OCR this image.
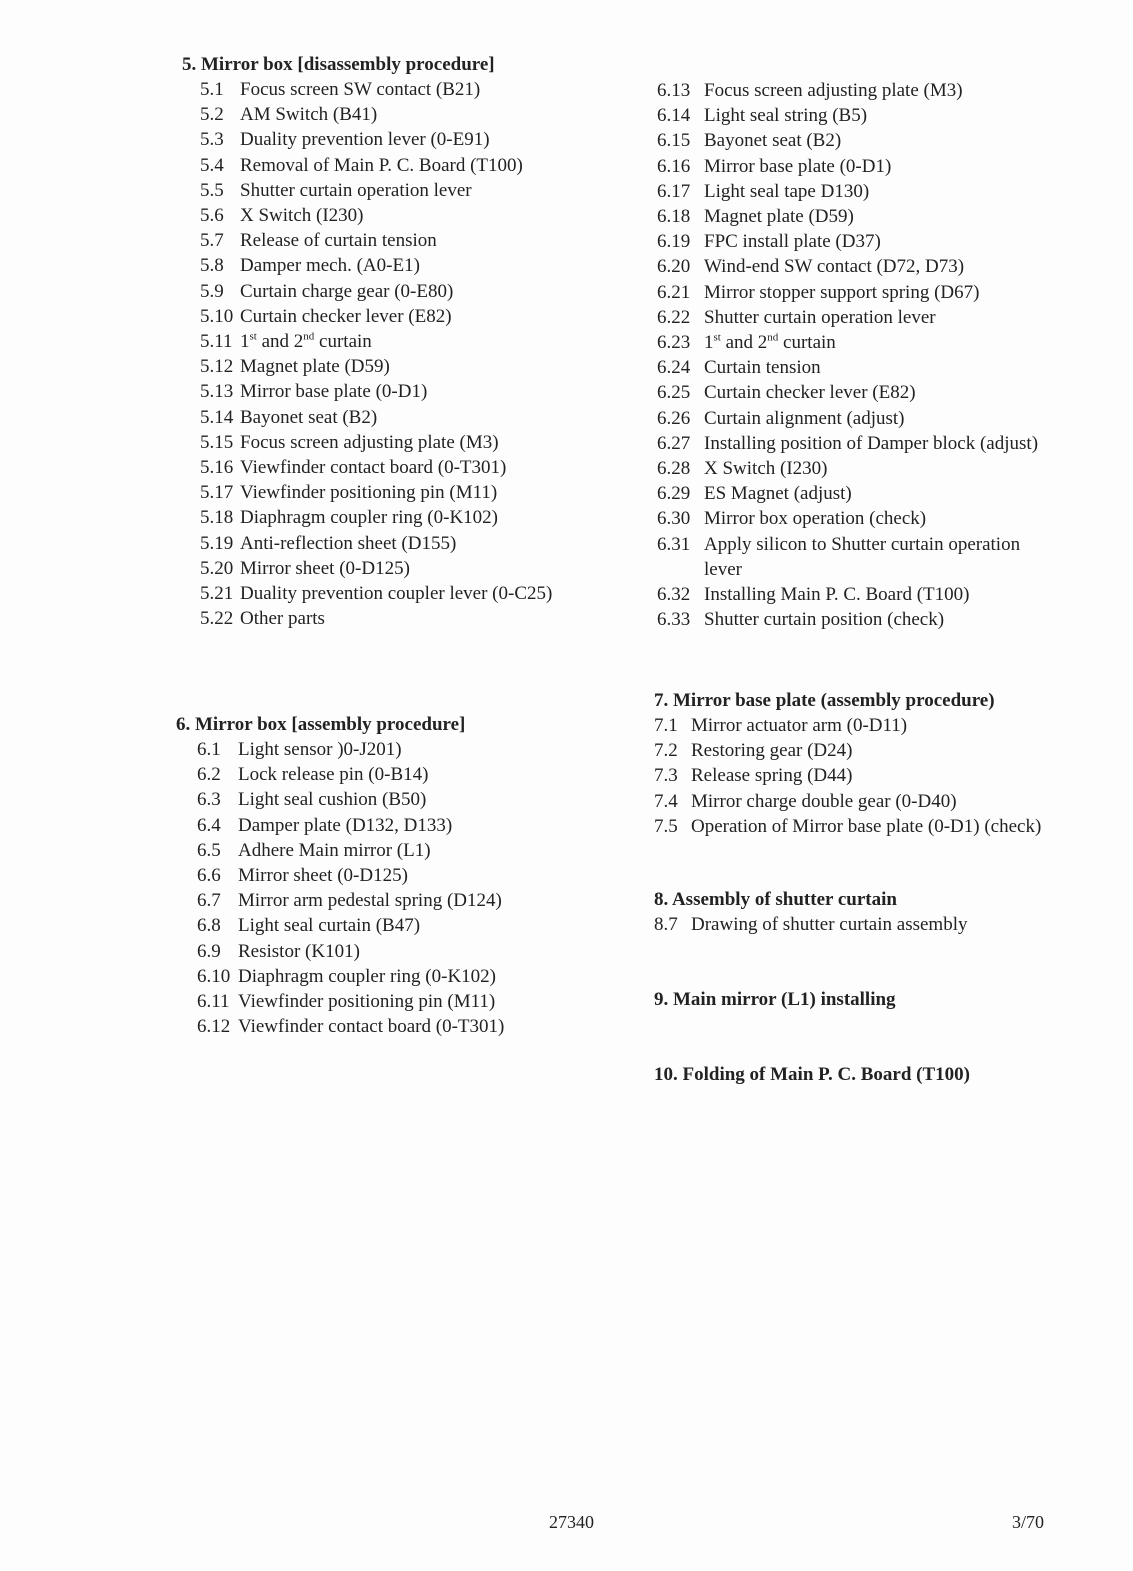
5. Mirror box [disassembly procedure]
5.1 Focus screen SW contact (B21)
5.2 AM Switch (B41)
5.3 Duality prevention lever (0-E91)
5.4 Removal of Main P. C. Board (T100)
5.5 Shutter curtain operation lever
5.6 X Switch (I230)
5.7 Release of curtain tension
5.8 Damper mech. (A0-E1)
5.9 Curtain charge gear (0-E80)
5.10 Curtain checker lever (E82)
5.11 1st and 2nd curtain
5.12 Magnet plate (D59)
5.13 Mirror base plate (0-D1)
5.14 Bayonet seat (B2)
5.15 Focus screen adjusting plate (M3)
5.16 Viewfinder contact board (0-T301)
5.17 Viewfinder positioning pin (M11)
5.18 Diaphragm coupler ring (0-K102)
5.19 Anti-reflection sheet (D155)
5.20 Mirror sheet (0-D125)
5.21 Duality prevention coupler lever (0-C25)
5.22 Other parts
6. Mirror box [assembly procedure]
6.1 Light sensor )0-J201)
6.2 Lock release pin (0-B14)
6.3 Light seal cushion (B50)
6.4 Damper plate (D132, D133)
6.5 Adhere Main mirror (L1)
6.6 Mirror sheet (0-D125)
6.7 Mirror arm pedestal spring (D124)
6.8 Light seal curtain (B47)
6.9 Resistor (K101)
6.10 Diaphragm coupler ring (0-K102)
6.11 Viewfinder positioning pin (M11)
6.12 Viewfinder contact board (0-T301)
6.13 Focus screen adjusting plate (M3)
6.14 Light seal string (B5)
6.15 Bayonet seat (B2)
6.16 Mirror base plate (0-D1)
6.17 Light seal tape D130)
6.18 Magnet plate (D59)
6.19 FPC install plate (D37)
6.20 Wind-end SW contact (D72, D73)
6.21 Mirror stopper support spring (D67)
6.22 Shutter curtain operation lever
6.23 1st and 2nd curtain
6.24 Curtain tension
6.25 Curtain checker lever (E82)
6.26 Curtain alignment (adjust)
6.27 Installing position of Damper block (adjust)
6.28 X Switch (I230)
6.29 ES Magnet (adjust)
6.30 Mirror box operation (check)
6.31 Apply silicon to Shutter curtain operation lever
6.32 Installing Main P. C. Board (T100)
6.33 Shutter curtain position (check)
7. Mirror base plate (assembly procedure)
7.1 Mirror actuator arm (0-D11)
7.2 Restoring gear (D24)
7.3 Release spring (D44)
7.4 Mirror charge double gear (0-D40)
7.5 Operation of Mirror base plate (0-D1) (check)
8. Assembly of shutter curtain
8.7 Drawing of shutter curtain assembly
9. Main mirror (L1) installing
10. Folding of Main P. C. Board (T100)
27340	3/70
